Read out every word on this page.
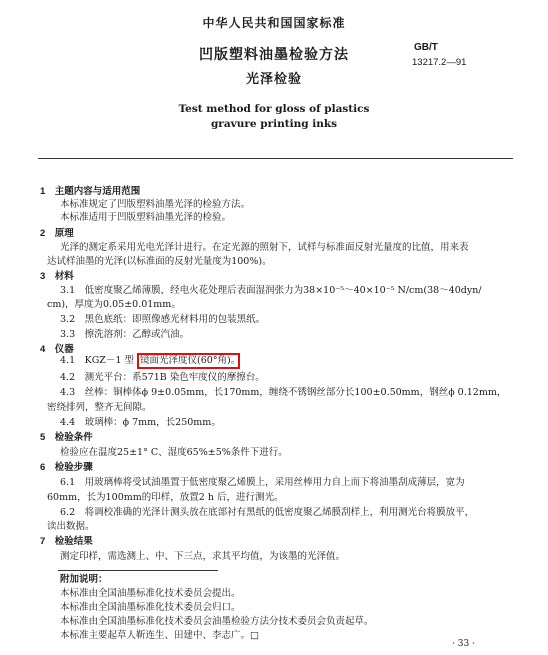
中华人民共和国国家标准
凹版塑料油墨检验方法
光泽检验
GB/T
13217.2—91
Test method for gloss of plastics
gravure printing inks
1　主题内容与适用范围
本标准规定了凹版塑料油墨光泽的检验方法。
本标准适用于凹版塑料油墨光泽的检验。
2　原理
光泽的测定系采用光电光泽计进行。在定光源的照射下，试样与标准面反射光量度的比值，用来表
达试样油墨的光泽(以标准面的反射光量度为100%)。
3　材料
3.1　低密度聚乙烯薄膜，经电火花处理后表面湿润张力为38×10⁻⁵～40×10⁻⁵ N/cm(38～40dyn/
cm)，厚度为0.05±0.01mm。
3.2　黑色底纸：即照像感光材料用的包装黑纸。
3.3　擦洗溶剂：乙醇或汽油。
4　仪器
4.1　KGZ－1 型 镜面光泽度仪(60°角)。
4.2　测光平台：系571B 染色牢度仪的摩擦台。
4.3　丝棒：铜棒体ϕ 9±0.05mm，长170mm，缠绕不锈钢丝部分长100±0.50mm，钢丝ϕ 0.12mm，
密绕排列，整齐无间隙。
4.4　玻璃棒：ϕ 7mm，长250mm。
5　检验条件
检验应在温度25±1° C、湿度65%±5%条件下进行。
6　检验步骤
6.1　用玻璃棒将受试油墨置于低密度聚乙烯膜上，采用丝棒用力自上而下将油墨刮成薄层，宽为
60mm，长为100mm的印样，放置2 h 后，进行测光。
6.2　将调校准确的光泽计测头放在底部衬有黑纸的低密度聚乙烯膜刮样上，利用测光台将膜放平，
读出数据。
7　检验结果
测定印样，需选测上、中、下三点，求其平均值，为该墨的光泽值。
附加说明：
本标准由全国油墨标准化技术委员会提出。
本标准由全国油墨标准化技术委员会归口。
本标准由全国油墨标准化技术委员会油墨检验方法分技术委员会负责起草。
本标准主要起草人靳连生、田建中、李志广。□
· 33 ·
